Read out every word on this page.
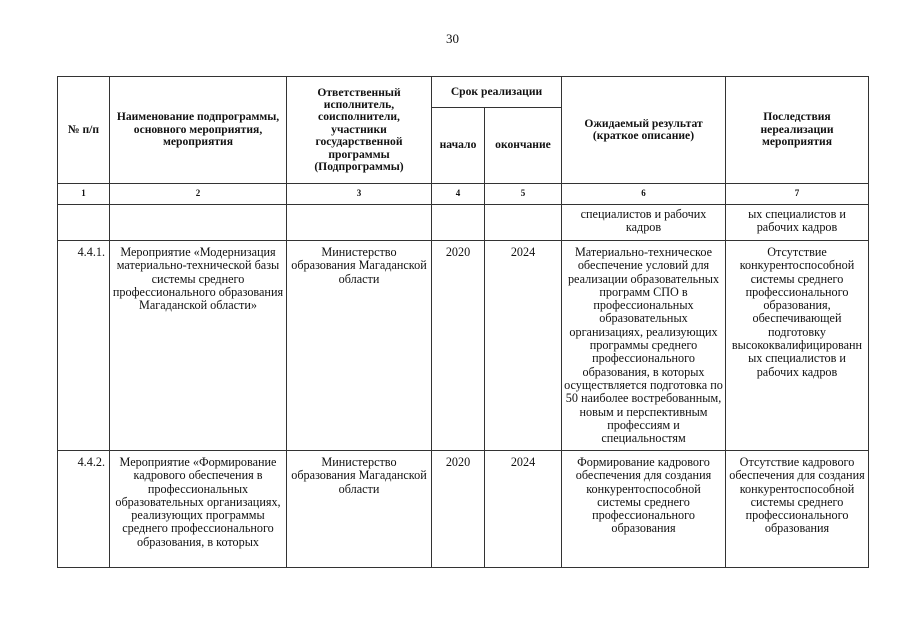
30
№ п/п	Наименование подпрограммы, основного мероприятия, мероприятия	Ответственный исполнитель, соисполнители, участники государственной программы (Подпрограммы)	Срок реализации		Ожидаемый результат (краткое описание)	Последствия нереализации мероприятия
			начало	окончание		
1	2	3	4	5	6	7
					специалистов и рабочих кадров	ых специалистов и рабочих кадров
4.4.1.	Мероприятие «Модернизация материально-технической базы системы среднего профессионального образования Магаданской области»	Министерство образования Магаданской области	2020	2024	Материально-техническое обеспечение условий для реализации образовательных программ СПО в профессиональных образовательных организациях, реализующих программы среднего профессионального образования, в которых осуществляется подготовка по 50 наиболее востребованным, новым и перспективным профессиям и специальностям	Отсутствие конкурентоспособной системы среднего профессионального образования, обеспечивающей подготовку высококвалифицированн ых специалистов и рабочих кадров
4.4.2.	Мероприятие «Формирование кадрового обеспечения в профессиональных образовательных организациях, реализующих программы среднего профессионального образования, в которых	Министерство образования Магаданской области	2020	2024	Формирование кадрового обеспечения для создания конкурентоспособной системы среднего профессионального образования	Отсутствие кадрового обеспечения для создания конкурентоспособной системы среднего профессионального образования
